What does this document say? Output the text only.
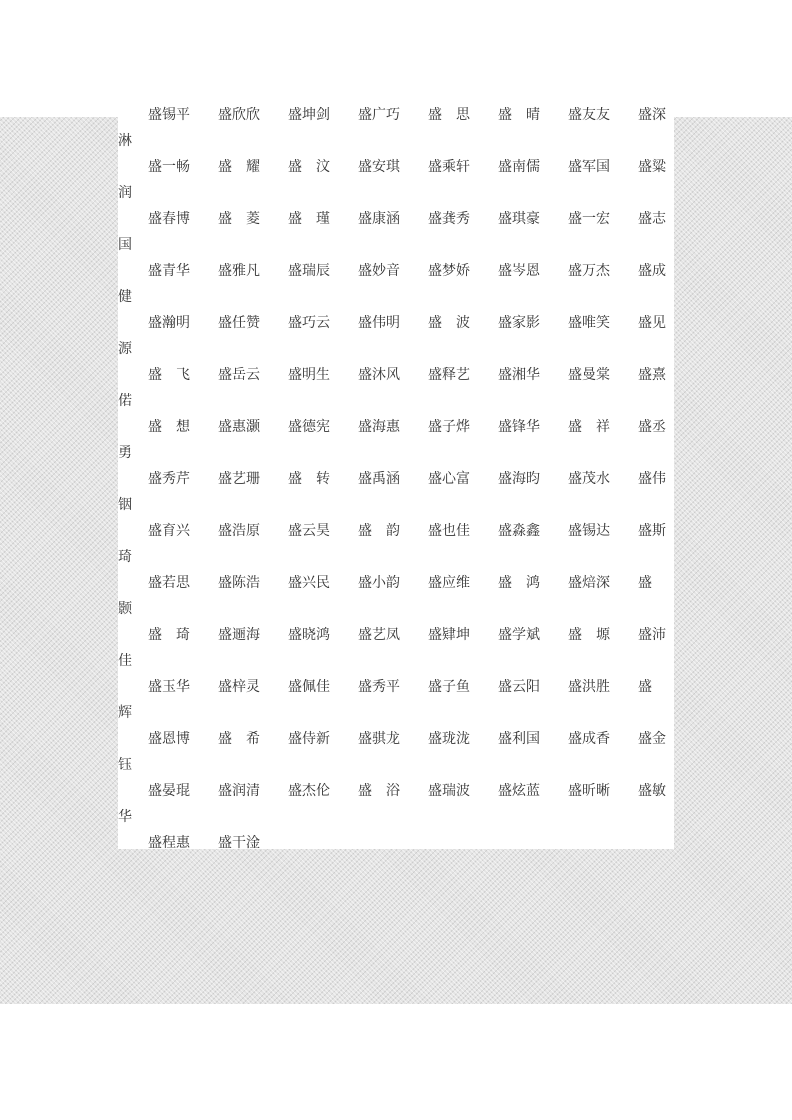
盛锡平 盛欣欣 盛坤剑 盛广巧 盛　思 盛　晴 盛友友 盛深
淋
盛一畅 盛　耀 盛　汶 盛安琪 盛乘轩 盛南儒 盛军国 盛粱
润
盛春博 盛　菱 盛　瑾 盛康涵 盛龚秀 盛琪豪 盛一宏 盛志
国
盛青华 盛雅凡 盛瑞辰 盛妙音 盛梦娇 盛岑恩 盛万杰 盛成
健
盛瀚明 盛任赞 盛巧云 盛伟明 盛　波 盛家影 盛唯笑 盛见
源
盛　飞 盛岳云 盛明生 盛沐风 盛释艺 盛湘华 盛曼棠 盛熹
偌
盛　想 盛惠灏 盛德宪 盛海惠 盛子烨 盛锋华 盛　祥 盛丞
勇
盛秀芹 盛艺珊 盛　转 盛禹涵 盛心富 盛海昀 盛茂水 盛伟
铟
盛育兴 盛浩原 盛云昊 盛　韵 盛也佳 盛淼鑫 盛锡达 盛斯
琦
盛若思 盛陈浩 盛兴民 盛小韵 盛应维 盛　鸿 盛焙深 盛
颢
盛　琦 盛逦海 盛晓鸿 盛艺凤 盛肄坤 盛学斌 盛　塬 盛沛
佳
盛玉华 盛梓灵 盛佩佳 盛秀平 盛子鱼 盛云阳 盛洪胜 盛
辉
盛恩博 盛　希 盛侍新 盛骐龙 盛珑泷 盛利国 盛成香 盛金
钰
盛晏琨 盛润清 盛杰伦 盛　浴 盛瑞波 盛炫蓝 盛昕晰 盛敏
华
盛程惠 盛干淦
